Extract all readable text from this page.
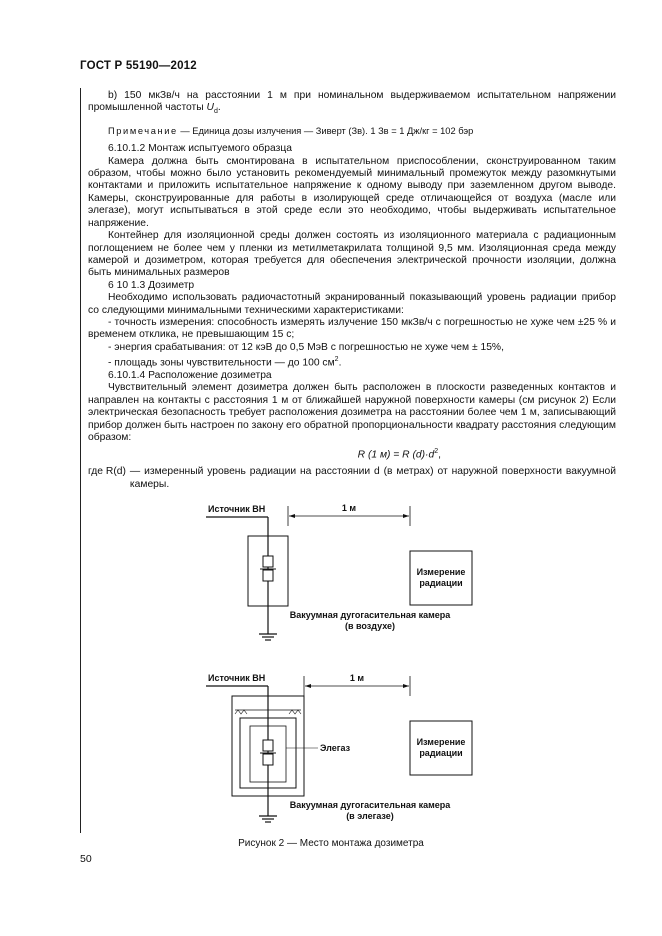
ГОСТ Р 55190—2012

b) 150 мкЗв/ч на расстоянии 1 м при номинальном выдерживаемом испытательном напряжении промышленной частоты $U_d$.

Примечание — Единица дозы излучения — Зиверт (Зв). 1 Зв = 1 Дж/кг = 102 бэр

6.10.1.2 Монтаж испытуемого образца

Камера должна быть смонтирована в испытательном приспособлении, сконструированном таким образом, чтобы можно было установить рекомендуемый минимальный промежуток между разомкнутыми контактами и приложить испытательное напряжение к одному выводу при заземленном другом выводе. Камеры, сконструированные для работы в изолирующей среде отличающейся от воздуха (масле или элегазе), могут испытываться в этой среде если это необходимо, чтобы выдерживать испытательное напряжение.

Контейнер для изоляционной среды должен состоять из изоляционного материала с радиационным поглощением не более чем у пленки из метилметакрилата толщиной 9,5 мм. Изоляционная среда между камерой и дозиметром, которая требуется для обеспечения электрической прочности изоляции, должна быть минимальных размеров

6 10 1.3 Дозиметр

Необходимо использовать радиочастотный экранированный показывающий уровень радиации прибор со следующими минимальными техническими характеристиками:

- точность измерения: способность измерять излучение 150 мкЗв/ч с погрешностью не хуже чем ±25 % и временем отклика, не превышающим 15 с;

- энергия срабатывания: от 12 кэВ до 0,5 МэВ с погрешностью не хуже чем ± 15%,

- площадь зоны чувствительности — до 100 $см^2$.

6.10.1.4 Расположение дозиметра

Чувствительный элемент дозиметра должен быть расположен в плоскости разведенных контактов и направлен на контакты с расстояния 1 м от ближайшей наружной поверхности камеры (см рисунок 2) Если электрическая безопасность требует расположения дозиметра на расстоянии более чем 1 м, записывающий прибор должен быть настроен по закону его обратной пропорциональности квадрату расстояния следующим образом:

R (1 м) = R $(d)\cdot d^2$,

где R(d) — измеренный уровень радиации на расстоянии d (в метрах) от наружной поверхности вакуумной камеры.

Источник ВН	1 м
Измерение
радиации
Вакуумная дугогасительная камера
(в воздухе)
Источник ВН
Элегаз
1 м
Измерение
радиации
Вакуумная дугогасительная камера
(в элегазе)
Рисунок 2 — Место монтажа дозиметра
50
